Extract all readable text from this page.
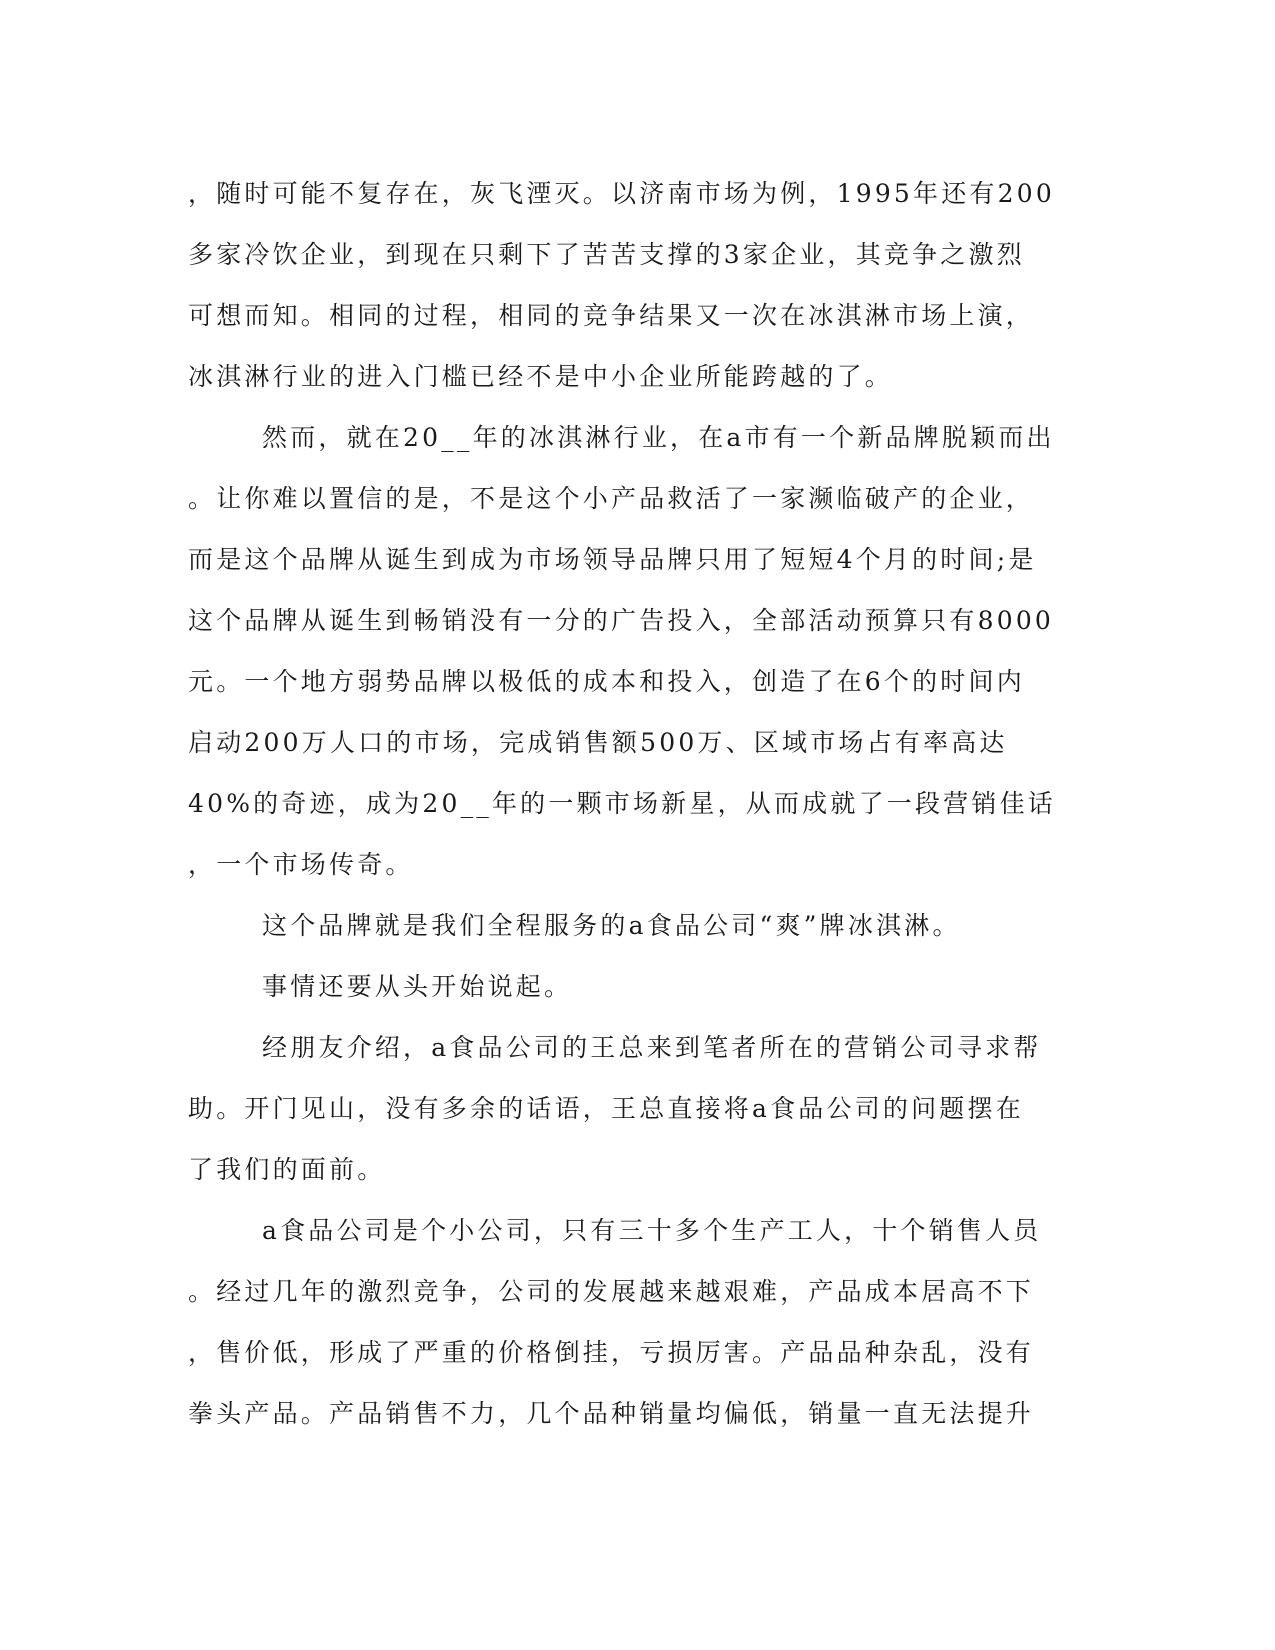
，随时可能不复存在，灰飞湮灭。以济南市场为例，1995年还有200
多家冷饮企业，到现在只剩下了苦苦支撑的3家企业，其竞争之激烈
可想而知。相同的过程，相同的竞争结果又一次在冰淇淋市场上演，
冰淇淋行业的进入门槛已经不是中小企业所能跨越的了。
然而，就在20__年的冰淇淋行业，在a市有一个新品牌脱颖而出
。让你难以置信的是，不是这个小产品救活了一家濒临破产的企业，
而是这个品牌从诞生到成为市场领导品牌只用了短短4个月的时间;是
这个品牌从诞生到畅销没有一分的广告投入，全部活动预算只有8000
元。一个地方弱势品牌以极低的成本和投入，创造了在6个的时间内
启动200万人口的市场，完成销售额500万、区域市场占有率高达
40%的奇迹，成为20__年的一颗市场新星，从而成就了一段营销佳话
，一个市场传奇。
这个品牌就是我们全程服务的a食品公司“爽”牌冰淇淋。
事情还要从头开始说起。
经朋友介绍，a食品公司的王总来到笔者所在的营销公司寻求帮
助。开门见山，没有多余的话语，王总直接将a食品公司的问题摆在
了我们的面前。
a食品公司是个小公司，只有三十多个生产工人，十个销售人员
。经过几年的激烈竞争，公司的发展越来越艰难，产品成本居高不下
，售价低，形成了严重的价格倒挂，亏损厉害。产品品种杂乱，没有
拳头产品。产品销售不力，几个品种销量均偏低，销量一直无法提升
